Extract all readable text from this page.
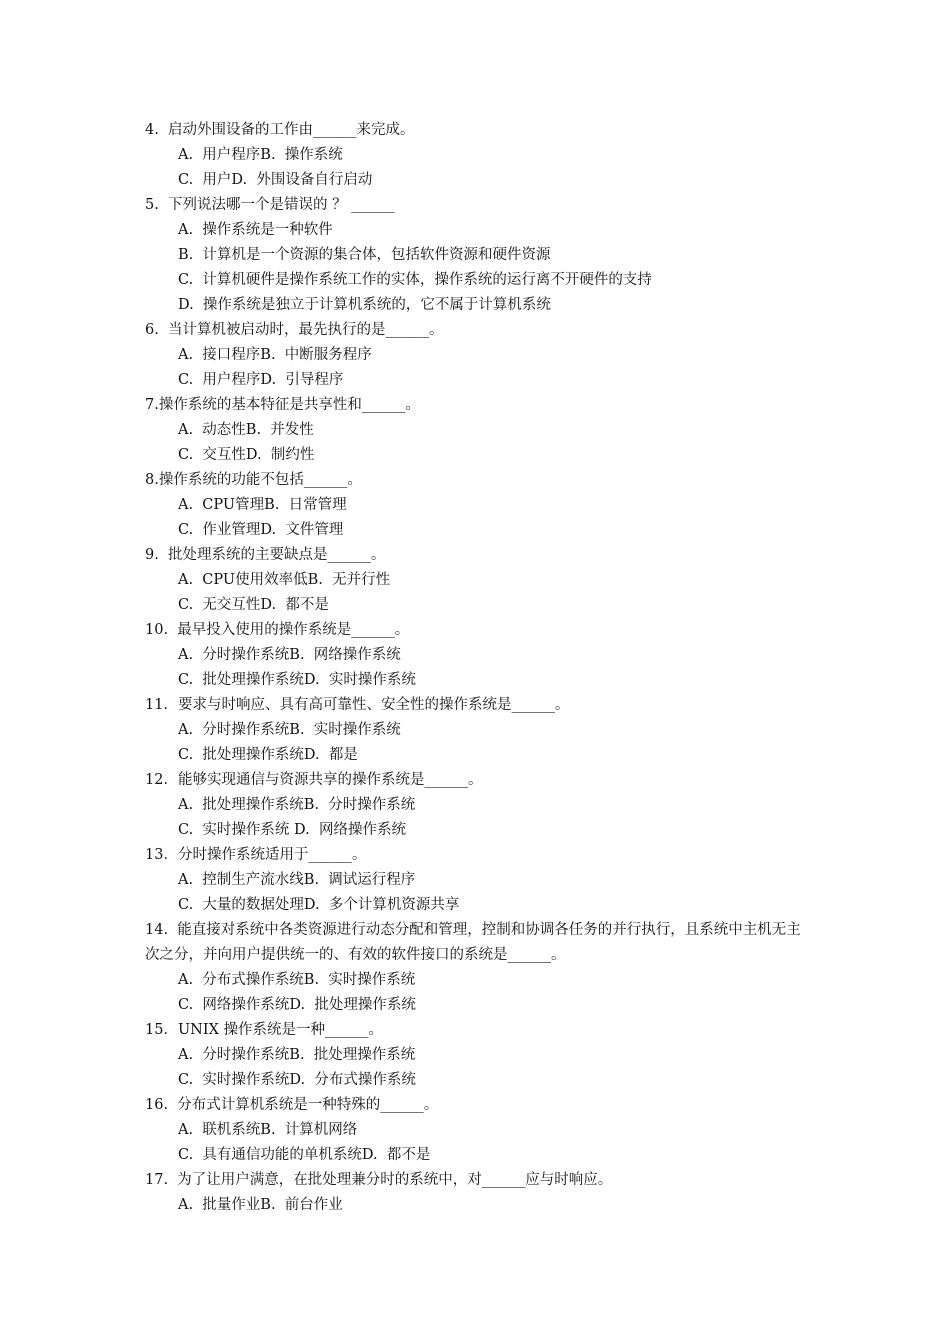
4.  启动外围设备的工作由______来完成。
A.  用户程序B.  操作系统
C.  用户D.  外围设备自行启动
5.  下列说法哪一个是错误的 ？ ______
A.  操作系统是一种软件
B.  计算机是一个资源的集合体，包括软件资源和硬件资源
C.  计算机硬件是操作系统工作的实体，操作系统的运行离不开硬件的支持
D.  操作系统是独立于计算机系统的，它不属于计算机系统
6.  当计算机被启动时，最先执行的是______。
A.  接口程序B.  中断服务程序
C.  用户程序D.  引导程序
7.操作系统的基本特征是共享性和______。
A.  动态性B.  并发性
C.  交互性D.  制约性
8.操作系统的功能不包括______。
A.  CPU管理B.  日常管理
C.  作业管理D.  文件管理
9.  批处理系统的主要缺点是______。
A.  CPU使用效率低B.  无并行性
C.  无交互性D.  都不是
10.  最早投入使用的操作系统是______。
A.  分时操作系统B.  网络操作系统
C.  批处理操作系统D.  实时操作系统
11．要求与时响应、具有高可靠性、安全性的操作系统是______。
A.  分时操作系统B.  实时操作系统
C.  批处理操作系统D.  都是
12．能够实现通信与资源共享的操作系统是______。
A.  批处理操作系统B.  分时操作系统
C.  实时操作系统 D.  网络操作系统
13．分时操作系统适用于______。
A.  控制生产流水线B.  调试运行程序
C.  大量的数据处理D.  多个计算机资源共享
14.  能直接对系统中各类资源进行动态分配和管理，控制和协调各任务的并行执行，且系统中主机无主次之分，并向用户提供统一的、有效的软件接口的系统是______。
A.  分布式操作系统B.  实时操作系统
C.  网络操作系统D.  批处理操作系统
15．UNIX 操作系统是一种______。
A.  分时操作系统B.  批处理操作系统
C.  实时操作系统D.  分布式操作系统
16.  分布式计算机系统是一种特殊的______。
A.  联机系统B.  计算机网络
C.  具有通信功能的单机系统D.  都不是
17.  为了让用户满意，在批处理兼分时的系统中，对______应与时响应。
A.  批量作业B.  前台作业
